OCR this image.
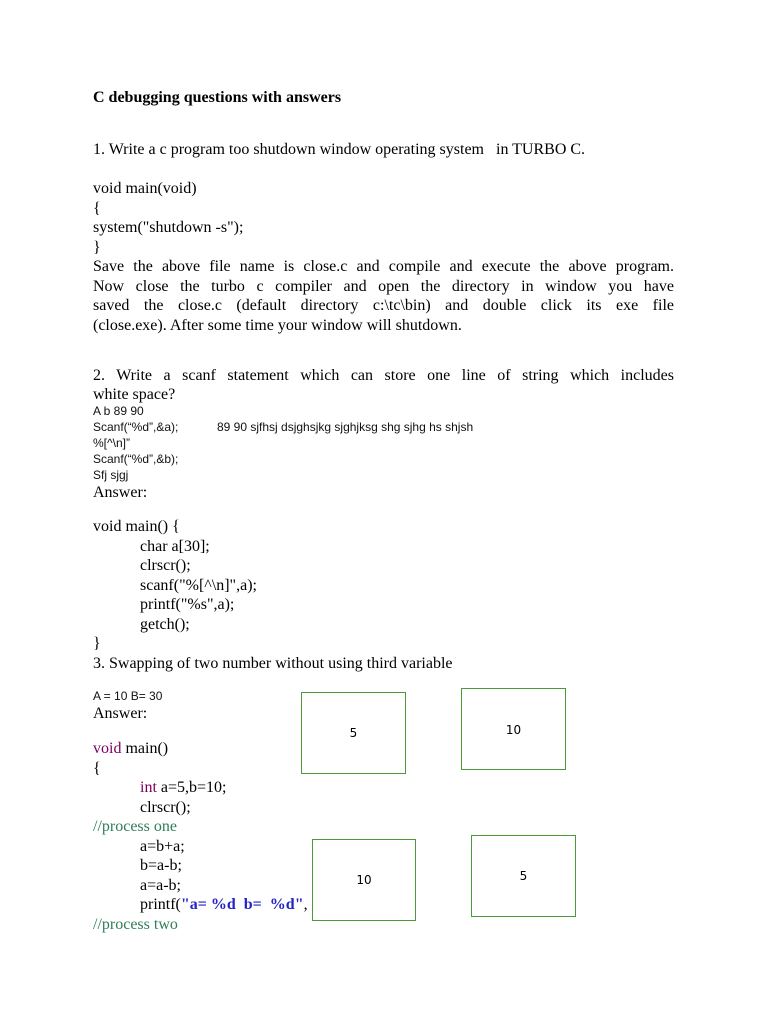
C debugging questions with answers
1. Write a c program too shutdown window operating system   in TURBO C.
void main(void)
{
system("shutdown -s");
}
Save the above file name is close.c and compile and execute the above program.
Now close the turbo c compiler and open the directory in window you have
saved the close.c (default directory c:\tc\bin) and double click its exe file
(close.exe). After some time your window will shutdown.
2. Write a scanf statement which can store one line of string which includes
white space?
A b 89 90
Scanf(“%d”,&a);	89 90 sjfhsj dsjghsjkg sjghjksg shg sjhg hs shjsh
%[^\n]”
Scanf(“%d”,&b);
Sfj sjgj
Answer:
void main() {
char a[30];
clrscr();
scanf("%[^\n]",a);
printf("%s",a);
getch();
}
3. Swapping of two number without using third variable
A = 10 B= 30
Answer:
void main()
{
int a=5,b=10;
clrscr();
//process one
a=b+a;
b=a-b;
a=a-b;
printf("a= %d  b=  %d",
//process two
5	10
10	5
